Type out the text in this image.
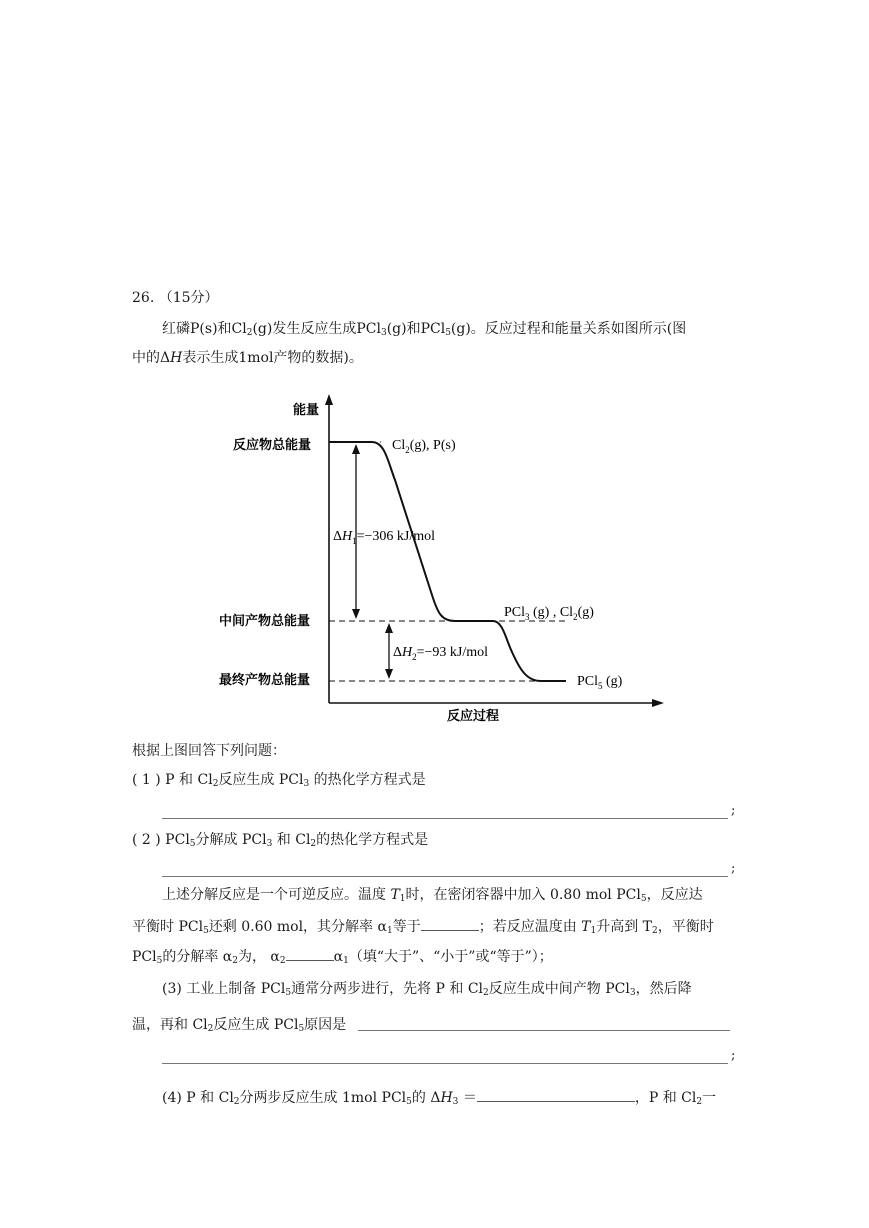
26. （15分）
红磷P(s)和$Cl_2(g)$发生反应生成PCl$_3$(g)和PCl$_5$(g)。反应过程和能量关系如图所示(图
中的ΔH表示生成1mol产物的数据)。
能量
反应过程
反应物总能量
中间产物总能量
最终产物总能量
$Cl_2(g)$, P(s)
PCl$_3$ (g) , $Cl_2(g)$
PCl$_5$ (g)
$\Delta H_1=-306$ kJ/mol
$\Delta H_2=-93$ kJ/mol
根据上图回答下列问题：
( 1 ) P 和 $Cl_2$反应生成 PCl$_3$ 的热化学方程式是
;
( 2 ) PCl$_5$分解成 PCl$_3$ 和 $Cl_2$的热化学方程式是
;
上述分解反应是一个可逆反应。温度 $T_1$时，在密闭容器中加入 0.80 mol PCl$_5$，反应达
平衡时 PCl$_5$还剩 0.60 mol，其分解率 $\alpha_1$等于	；若反应温度由 $T_1$升高到 $T_2$，平衡时
PCl$_5$的分解率 $\alpha_2$为， $\alpha_2$	$\alpha_1$（填“大于”、“小于”或“等于”）；
(3) 工业上制备 PCl$_5$通常分两步进行，先将 P 和 $Cl_2$反应生成中间产物 PCl$_3$，然后降
温，再和 $Cl_2$反应生成 PCl$_5$原因是
;
(4) P 和 $Cl_2$分两步反应生成 1mol PCl$_5$的 $\Delta H_3$ ＝	，P 和 $Cl_2$一
